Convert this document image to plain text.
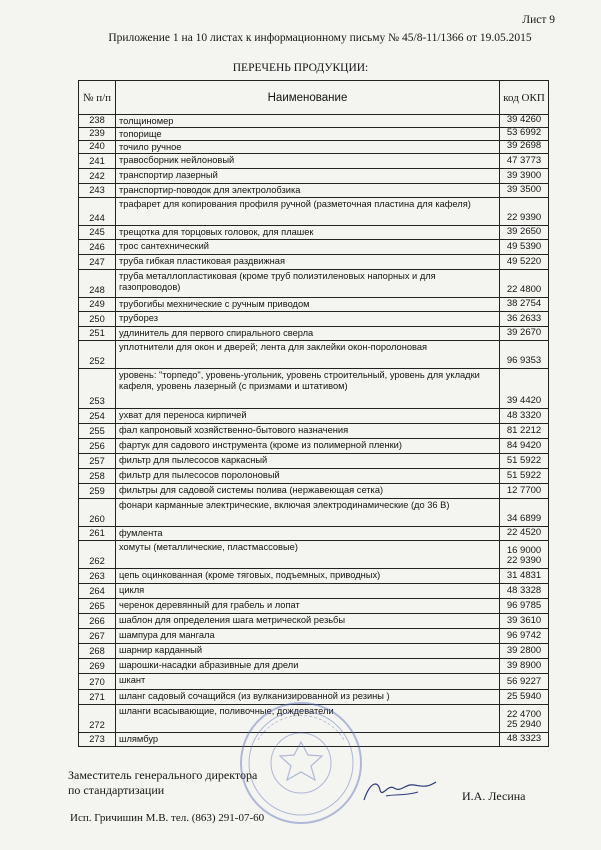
Лист 9
Приложение 1 на 10 листах к информационному письму № 45/8-11/1366 от 19.05.2015
ПЕРЕЧЕНЬ ПРОДУКЦИИ:
№ п/п	Наименование	код ОКП
238	толщиномер	39 4260
239	топорище	53 6992
240	точило ручное	39 2698
241	травосборник нейлоновый	47 3773
242	транспортир лазерный	39 3900
243	транспортир-поводок для электролобзика	39 3500
244	трафарет для копирования профиля ручной (разметочная пластина для кафеля)	22 9390
245	трещотка для торцовых головок, для плашек	39 2650
246	трос сантехнический	49 5390
247	труба гибкая пластиковая раздвижная	49 5220
248	труба металлопластиковая (кроме труб полиэтиленовых напорных и для газопроводов)	22 4800
249	трубогибы мехнические с ручным приводом	38 2754
250	труборез	36 2633
251	удлинитель для первого спирального сверла	39 2670
252	уплотнители для окон и дверей; лента для заклейки окон-поролоновая	96 9353
253	уровень: "торпедо", уровень-угольник, уровень строительный, уровень для укладки кафеля, уровень лазерный (с призмами и штативом)	39 4420
254	ухват для переноса кирпичей	48 3320
255	фал капроновый хозяйственно-бытового назначения	81 2212
256	фартук для садового инструмента (кроме из полимерной пленки)	84 9420
257	фильтр для пылесосов каркасный	51 5922
258	фильтр для пылесосов поролоновый	51 5922
259	фильтры для садовой системы полива (нержавеющая сетка)	12 7700
260	фонари карманные электрические, включая электродинамические (до 36 В)	34 6899
261	фумлента	22 4520
262	хомуты (металлические, пластмассовые)	16 9000
22 9390

263	цепь оцинкованная (кроме тяговых, подъемных, приводных)	31 4831
264	цикля	48 3328
265	черенок деревянный для грабель и лопат	96 9785
266	шаблон для определения шага метрической резьбы	39 3610
267	шампура для мангала	96 9742
268	шарнир карданный	39 2800
269	шарошки-насадки абразивные для дрели	39 8900
270	шкант	56 9227
271	шланг садовый сочащийся (из вулканизированной из резины )	25 5940
272	шланги всасывающие, поливочные, дождеватели	22 4700
25 2940

273	шлямбур	48 3323
Заместитель генерального директора
по стандартизации	И.А. Лесина
Исп. Гричишин М.В. тел. (863) 291-07-60
